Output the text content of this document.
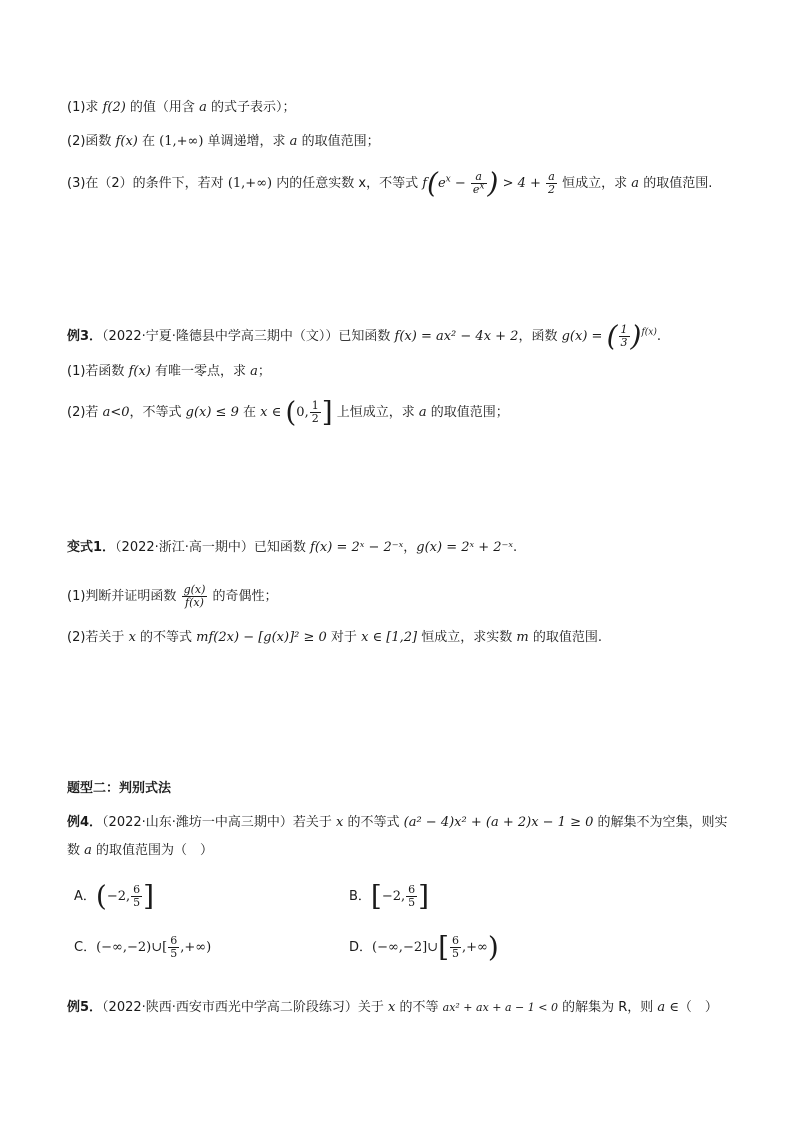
(1)求 f(2) 的值（用含 a 的式子表示）；
(2)函数 f(x) 在 (1,+∞) 单调递增，求 a 的取值范围；
(3)在（2）的条件下，若对 (1,+∞) 内的任意实数 x，不等式 $f(e^x - \frac{a}{e^x}$ ) > $4 + \frac{a}{2}$ 恒成立，求 a 的取值范围.
例3．（2022·宁夏·隆德县中学高三期中（文））已知函数 f(x) = ax² − 4x + 2，函数 g(x) = ( $\frac{1}{3} )^{f(x)}$.
(1)若函数 f(x) 有唯一零点，求 a；
(2)若 a<0，不等式 g(x) ≤ 9 在 x ∈ (0, $\frac{1}{2}$ ] 上恒成立，求 a 的取值范围；
变式1．（2022·浙江·高一期中）已知函数 f(x) = 2ˣ − 2⁻ˣ，g(x) = 2ˣ + 2⁻ˣ.
(1)判断并证明函数 $\frac{g(x)}{f(x)}$ 的奇偶性；
(2)若关于 x 的不等式 mf(2x) − [g(x)]² ≥ 0 对于 x ∈ [1,2] 恒成立，求实数 m 的取值范围.
题型二：判别式法
例4．（2022·山东·潍坊一中高三期中）若关于 x 的不等式 (a² − 4)x² + (a + 2)x − 1 ≥ 0 的解集不为空集，则实
数 a 的取值范围为（　）
A．(−2, $\frac{6}{5}$ ]	B．[−2, $\frac{6}{5}$ ]
C．(−∞,−2)∪[ $\frac{6}{5}$ ,+∞)	D．(−∞,−2]∪[ $\frac{6}{5}$ ,+∞)
例5．（2022·陕西·西安市西光中学高二阶段练习）关于 x 的不等 ax² + ax + a − 1 < 0 的解集为 R，则 a ∈（　）
